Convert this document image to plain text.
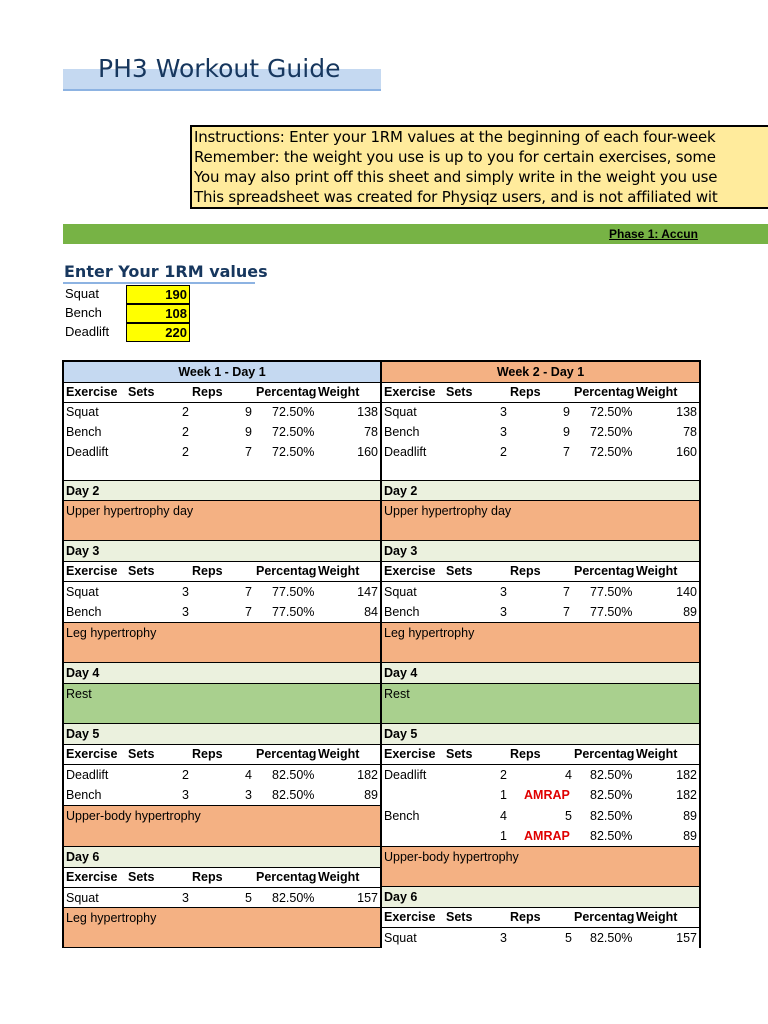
PH3 Workout Guide
Instructions: Enter your 1RM values at the beginning of each four-week
Remember: the weight you use is up to you for certain exercises, some
You may also print off this sheet and simply write in the weight you use
This spreadsheet was created for Physiqz users, and is not affiliated wit
Phase 1: Accun
Enter Your 1RM values
Squat	190
Bench	108
Deadlift	220
Week 1 - Day 1
Exercise Sets	Reps	Percentag Weight
Squat	2	9 72.50%	138
Bench	2	9 72.50%	78
Deadlift	2	7 72.50%	160
Day 2
Upper hypertrophy day
Day 3
Exercise Sets	Reps	Percentag Weight
Squat	3	7 77.50%	147
Bench	3	7 77.50%	84
Leg hypertrophy
Day 4
Rest
Day 5
Exercise Sets	Reps	Percentag Weight
Deadlift	2	4 82.50%	182
Bench	3	3 82.50%	89
Upper-body hypertrophy
Day 6
Exercise Sets	Reps	Percentag Weight
Squat	3	5 82.50%	157
Leg hypertrophy
Week 2 - Day 1
Exercise Sets	Reps	Percentag Weight
Squat	3	9 72.50%	138
Bench	3	9 72.50%	78
Deadlift	2	7 72.50%	160
Day 2
Upper hypertrophy day
Day 3
Exercise Sets	Reps	Percentag Weight
Squat	3	7 77.50%	140
Bench	3	7 77.50%	89
Leg hypertrophy
Day 4
Rest
Day 5
Exercise Sets	Reps	Percentag Weight
Deadlift	2	4 82.50%	182
1 AMRAP 82.50%	182
Bench	4	5 82.50%	89
1 AMRAP 82.50%	89
Upper-body hypertrophy
Day 6
Exercise Sets	Reps	Percentag Weight
Squat	3	5 82.50%	157
